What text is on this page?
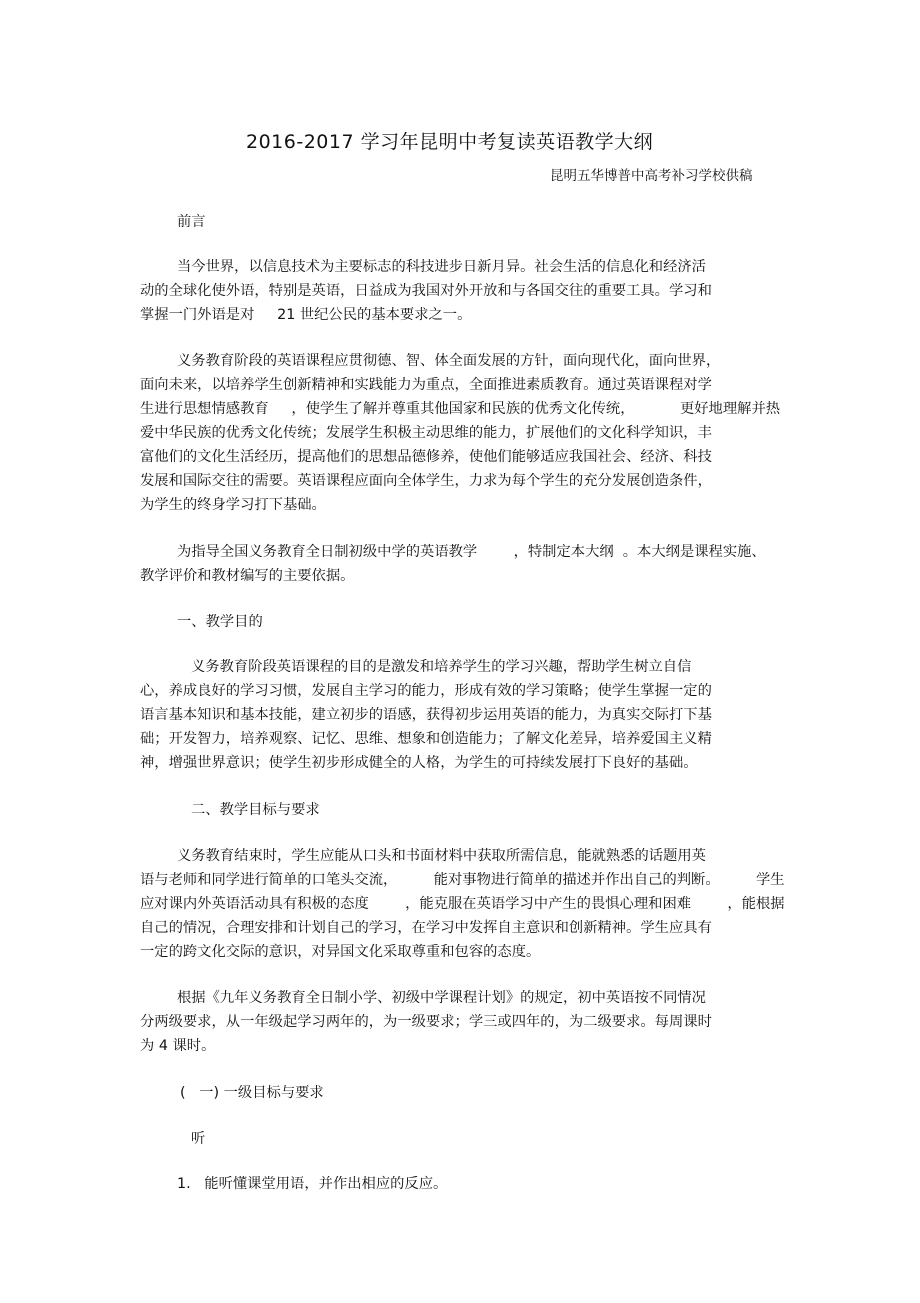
2016-2017 学习年昆明中考复读英语教学大纲
昆明五华博普中高考补习学校供稿
前言
当今世界，以信息技术为主要标志的科技进步日新月异。社会生活的信息化和经济活
动的全球化使外语，特别是英语，日益成为我国对外开放和与各国交往的重要工具。学习和
掌握一门外语是对     21 世纪公民的基本要求之一。
义务教育阶段的英语课程应贯彻德、智、体全面发展的方针，面向现代化，面向世界，
面向未来，以培养学生创新精神和实践能力为重点，全面推进素质教育。通过英语课程对学
生进行思想情感教育     ，使学生了解并尊重其他国家和民族的优秀文化传统，          更好地理解并热
爱中华民族的优秀文化传统；发展学生积极主动思维的能力，扩展他们的文化科学知识，丰
富他们的文化生活经历，提高他们的思想品德修养，使他们能够适应我国社会、经济、科技
发展和国际交往的需要。英语课程应面向全体学生，力求为每个学生的充分发展创造条件，
为学生的终身学习打下基础。
为指导全国义务教育全日制初级中学的英语教学        ，特制定本大纲  。本大纲是课程实施、
教学评价和教材编写的主要依据。
一、教学目的
义务教育阶段英语课程的目的是激发和培养学生的学习兴趣，帮助学生树立自信
心，养成良好的学习习惯，发展自主学习的能力，形成有效的学习策略；使学生掌握一定的
语言基本知识和基本技能，建立初步的语感，获得初步运用英语的能力，为真实交际打下基
础；开发智力，培养观察、记忆、思维、想象和创造能力；了解文化差异，培养爱国主义精
神，增强世界意识；使学生初步形成健全的人格，为学生的可持续发展打下良好的基础。
二、教学目标与要求
义务教育结束时，学生应能从口头和书面材料中获取所需信息，能就熟悉的话题用英
语与老师和同学进行简单的口笔头交流，        能对事物进行简单的描述并作出自己的判断。        学生
应对课内外英语活动具有积极的态度        ，能克服在英语学习中产生的畏惧心理和困难        ，能根据
自己的情况，合理安排和计划自己的学习，在学习中发挥自主意识和创新精神。学生应具有
一定的跨文化交际的意识，对异国文化采取尊重和包容的态度。
根据《九年义务教育全日制小学、初级中学课程计划》的规定，初中英语按不同情况
分两级要求，从一年级起学习两年的，为一级要求；学三或四年的，为二级要求。每周课时
为 4 课时。
(   一) 一级目标与要求
听
1.   能听懂课堂用语，并作出相应的反应。
